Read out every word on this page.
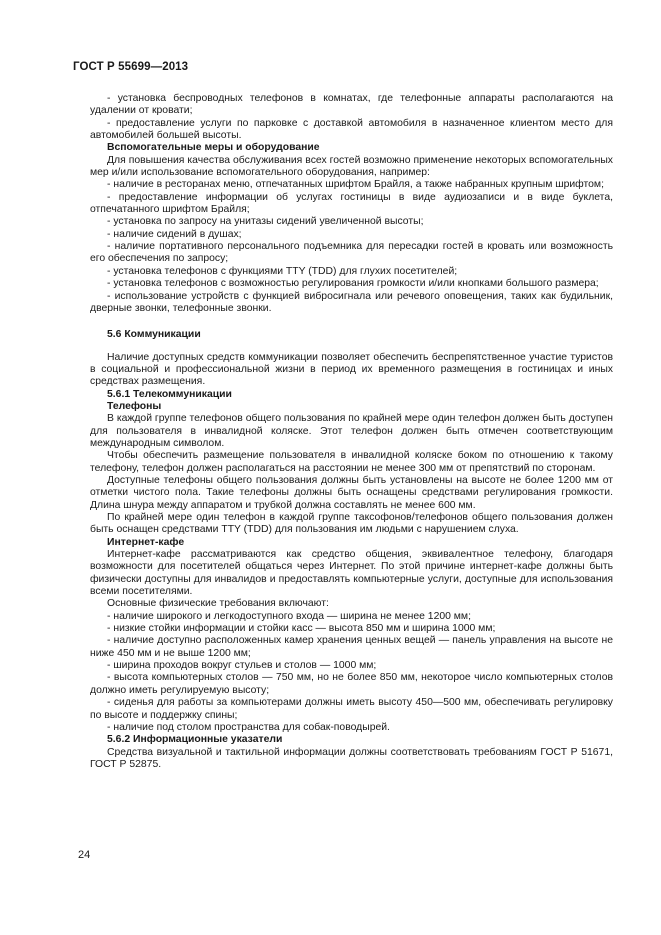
ГОСТ Р 55699—2013

- установка беспроводных телефонов в комнатах, где телефонные аппараты располагаются на удалении от кровати;

- предоставление услуги по парковке с доставкой автомобиля в назначенное клиентом место для автомобилей большей высоты.

Вспомогательные меры и оборудование

Для повышения качества обслуживания всех гостей возможно применение некоторых вспомогательных мер и/или использование вспомогательного оборудования, например:

- наличие в ресторанах меню, отпечатанных шрифтом Брайля, а также набранных крупным шрифтом;

- предоставление информации об услугах гостиницы в виде аудиозаписи и в виде буклета, отпечатанного шрифтом Брайля;

- установка по запросу на унитазы сидений увеличенной высоты;

- наличие сидений в душах;

- наличие портативного персонального подъемника для пересадки гостей в кровать или возможность его обеспечения по запросу;

- установка телефонов с функциями TTY (TDD) для глухих посетителей;

- установка телефонов с возможностью регулирования громкости и/или кнопками большого размера;

- использование устройств с функцией вибросигнала или речевого оповещения, таких как будильник, дверные звонки, телефонные звонки.

5.6 Коммуникации

Наличие доступных средств коммуникации позволяет обеспечить беспрепятственное участие туристов в социальной и профессиональной жизни в период их временного размещения в гостиницах и иных средствах размещения.

5.6.1 Телекоммуникации

Телефоны

В каждой группе телефонов общего пользования по крайней мере один телефон должен быть доступен для пользователя в инвалидной коляске. Этот телефон должен быть отмечен соответствующим международным символом.

Чтобы обеспечить размещение пользователя в инвалидной коляске боком по отношению к такому телефону, телефон должен располагаться на расстоянии не менее 300 мм от препятствий по сторонам.

Доступные телефоны общего пользования должны быть установлены на высоте не более 1200 мм от отметки чистого пола. Такие телефоны должны быть оснащены средствами регулирования громкости. Длина шнура между аппаратом и трубкой должна составлять не менее 600 мм.

По крайней мере один телефон в каждой группе таксофонов/телефонов общего пользования должен быть оснащен средствами TTY (TDD) для пользования им людьми с нарушением слуха.

Интернет-кафе

Интернет-кафе рассматриваются как средство общения, эквивалентное телефону, благодаря возможности для посетителей общаться через Интернет. По этой причине интернет-кафе должны быть физически доступны для инвалидов и предоставлять компьютерные услуги, доступные для использования всеми посетителями.

Основные физические требования включают:

- наличие широкого и легкодоступного входа — ширина не менее 1200 мм;

- низкие стойки информации и стойки касс — высота 850 мм и ширина 1000 мм;

- наличие доступно расположенных камер хранения ценных вещей — панель управления на высоте не ниже 450 мм и не выше 1200 мм;

- ширина проходов вокруг стульев и столов — 1000 мм;

- высота компьютерных столов — 750 мм, но не более 850 мм, некоторое число компьютерных столов должно иметь регулируемую высоту;

- сиденья для работы за компьютерами должны иметь высоту 450—500 мм, обеспечивать регулировку по высоте и поддержку спины;

- наличие под столом пространства для собак-поводырей.

5.6.2 Информационные указатели

Средства визуальной и тактильной информации должны соответствовать требованиям ГОСТ Р 51671, ГОСТ Р 52875.

24
